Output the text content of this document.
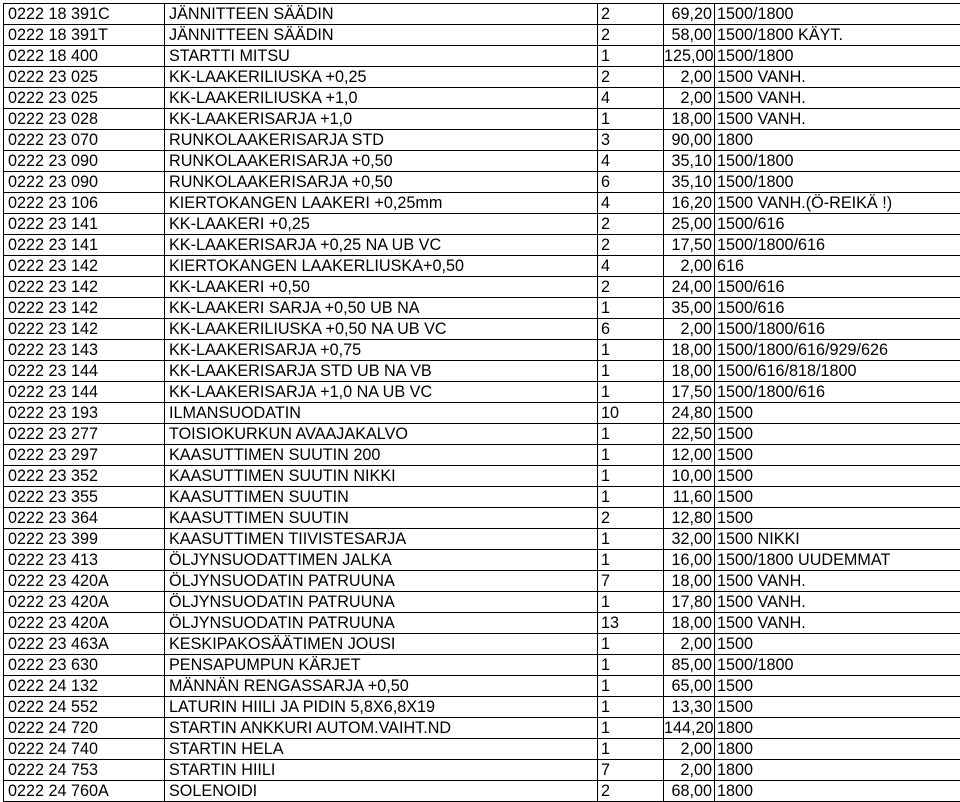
0222 18 391C	JÄNNITTEEN SÄÄDIN	2	69,20	1500/1800
0222 18 391T	JÄNNITTEEN SÄÄDIN	2	58,00	1500/1800 KÄYT.
0222 18 400	STARTTI MITSU	1	125,00	1500/1800
0222 23 025	KK-LAAKERILIUSKA +0,25	2	2,00	1500 VANH.
0222 23 025	KK-LAAKERILIUSKA +1,0	4	2,00	1500 VANH.
0222 23 028	KK-LAAKERISARJA +1,0	1	18,00	1500 VANH.
0222 23 070	RUNKOLAAKERISARJA STD	3	90,00	1800
0222 23 090	RUNKOLAAKERISARJA +0,50	4	35,10	1500/1800
0222 23 090	RUNKOLAAKERISARJA +0,50	6	35,10	1500/1800
0222 23 106	KIERTOKANGEN LAAKERI +0,25mm	4	16,20	1500 VANH.(Ö-REIKÄ !)
0222 23 141	KK-LAAKERI +0,25	2	25,00	1500/616
0222 23 141	KK-LAAKERISARJA +0,25 NA UB VC	2	17,50	1500/1800/616
0222 23 142	KIERTOKANGEN LAAKERLIUSKA+0,50	4	2,00	616
0222 23 142	KK-LAAKERI +0,50	2	24,00	1500/616
0222 23 142	KK-LAAKERI SARJA +0,50 UB NA	1	35,00	1500/616
0222 23 142	KK-LAAKERILIUSKA +0,50 NA UB VC	6	2,00	1500/1800/616
0222 23 143	KK-LAAKERISARJA +0,75	1	18,00	1500/1800/616/929/626
0222 23 144	KK-LAAKERISARJA STD UB NA VB	1	18,00	1500/616/818/1800
0222 23 144	KK-LAAKERISARJA +1,0 NA UB VC	1	17,50	1500/1800/616
0222 23 193	ILMANSUODATIN	10	24,80	1500
0222 23 277	TOISIOKURKUN AVAAJAKALVO	1	22,50	1500
0222 23 297	KAASUTTIMEN SUUTIN 200	1	12,00	1500
0222 23 352	KAASUTTIMEN SUUTIN NIKKI	1	10,00	1500
0222 23 355	KAASUTTIMEN SUUTIN	1	11,60	1500
0222 23 364	KAASUTTIMEN SUUTIN	2	12,80	1500
0222 23 399	KAASUTTIMEN TIIVISTESARJA	1	32,00	1500 NIKKI
0222 23 413	ÖLJYNSUODATTIMEN JALKA	1	16,00	1500/1800 UUDEMMAT
0222 23 420A	ÖLJYNSUODATIN PATRUUNA	7	18,00	1500 VANH.
0222 23 420A	ÖLJYNSUODATIN PATRUUNA	1	17,80	1500 VANH.
0222 23 420A	ÖLJYNSUODATIN PATRUUNA	13	18,00	1500 VANH.
0222 23 463A	KESKIPAKOSÄÄTIMEN JOUSI	1	2,00	1500
0222 23 630	PENSAPUMPUN KÄRJET	1	85,00	1500/1800
0222 24 132	MÄNNÄN RENGASSARJA +0,50	1	65,00	1500
0222 24 552	LATURIN HIILI JA PIDIN 5,8X6,8X19	1	13,30	1500
0222 24 720	STARTIN ANKKURI AUTOM.VAIHT.ND	1	144,20	1800
0222 24 740	STARTIN HELA	1	2,00	1800
0222 24 753	STARTIN HIILI	7	2,00	1800
0222 24 760A	SOLENOIDI	2	68,00	1800
